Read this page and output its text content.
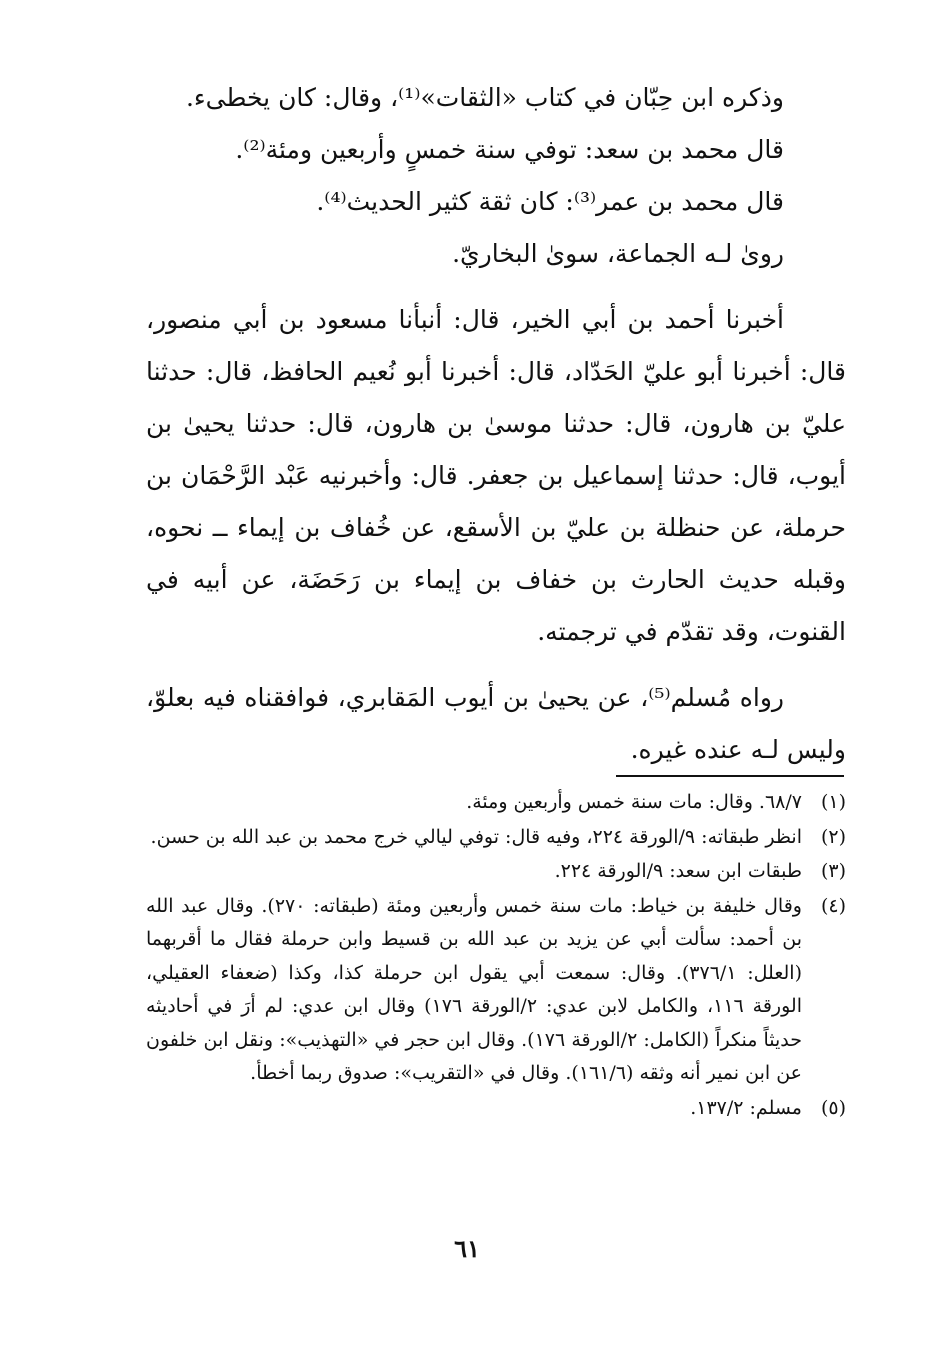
وذكره ابن حِبّان في كتاب «الثقات»⁽¹⁾، وقال: كان يخطىء.

قال محمد بن سعد: توفي سنة خمسٍ وأربعين ومئة⁽²⁾.

قال محمد بن عمر⁽³⁾: كان ثقة كثير الحديث⁽⁴⁾.

روىٰ لـه الجماعة، سوىٰ البخاريّ.

أخبرنا أحمد بن أبي الخير، قال: أنبأنا مسعود بن أبي منصور، قال: أخبرنا أبو عليّ الحَدّاد، قال: أخبرنا أبو نُعيم الحافظ، قال: حدثنا عليّ بن هارون، قال: حدثنا موسىٰ بن هارون، قال: حدثنا يحيىٰ بن أيوب، قال: حدثنا إسماعيل بن جعفر. قال: وأخبرنيه عَبْد الرَّحْمَان بن حرملة، عن حنظلة بن عليّ بن الأسقع، عن خُفاف بن إيماء ــ نحوه، وقبله حديث الحارث بن خفاف بن إيماء بن رَحَضَة، عن أبيه في القنوت، وقد تقدّم في ترجمته.

رواه مُسلم⁽⁵⁾، عن يحيىٰ بن أيوب المَقابري، فوافقناه فيه بعلوّ، وليس لـه عنده غيره.

(١)
٦٨/٧. وقال: مات سنة خمس وأربعين ومئة.
(٢)
انظر طبقاته: ٩/الورقة ٢٢٤، وفيه قال: توفي ليالي خرج محمد بن عبد الله بن حسن.
(٣)
طبقات ابن سعد: ٩/الورقة ٢٢٤.
(٤)
وقال خليفة بن خياط: مات سنة خمس وأربعين ومئة (طبقاته: ٢٧٠). وقال عبد الله بن أحمد: سألت أبي عن يزيد بن عبد الله بن قسيط وابن حرملة فقال ما أقربهما (العلل: ٣٧٦/١). وقال: سمعت أبي يقول ابن حرملة كذا، وكذا (ضعفاء العقيلي، الورقة ١١٦، والكامل لابن عدي: ٢/الورقة ١٧٦) وقال ابن عدي: لم أرَ في أحاديثه حديثاً منكراً (الكامل: ٢/الورقة ١٧٦). وقال ابن حجر في «التهذيب»: ونقل ابن خلفون عن ابن نمير أنه وثقه (١٦١/٦). وقال في «التقريب»: صدوق ربما أخطأ.
(٥)
مسلم: ١٣٧/٢.
٦١
